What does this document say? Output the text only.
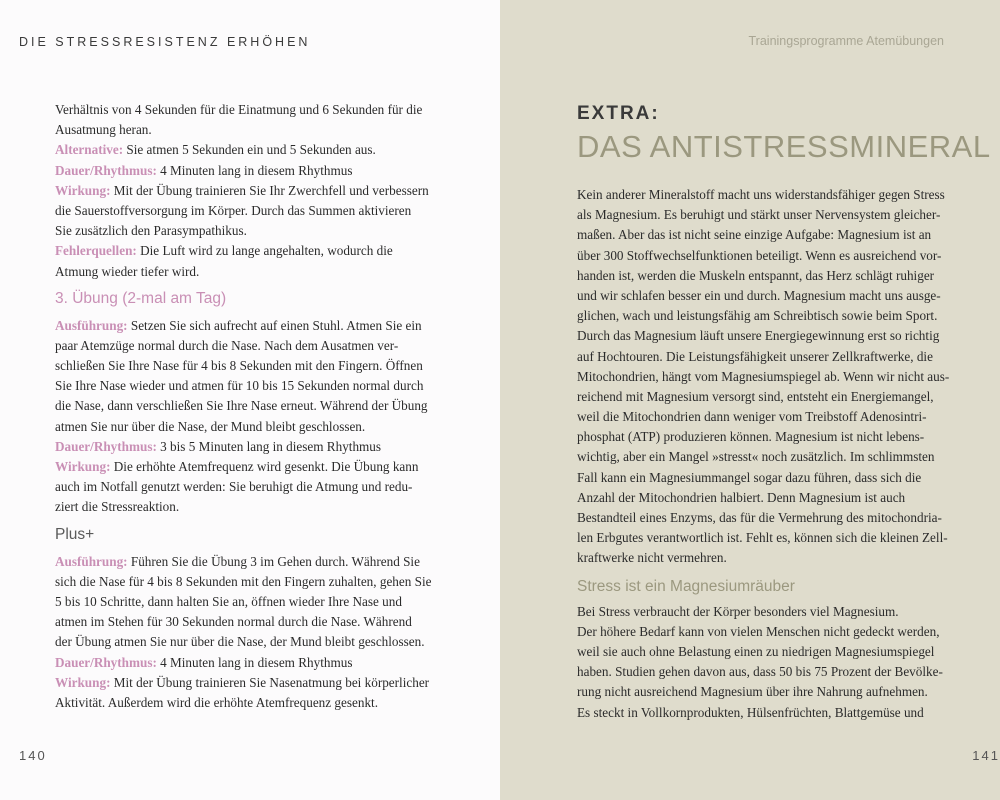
DIE STRESSRESISTENZ ERHÖHEN
Verhältnis von 4 Sekunden für die Einatmung und 6 Sekunden für die
Ausatmung heran.
Alternative: Sie atmen 5 Sekunden ein und 5 Sekunden aus.
Dauer/Rhythmus: 4 Minuten lang in diesem Rhythmus
Wirkung: Mit der Übung trainieren Sie Ihr Zwerchfell und verbessern
die Sauerstoffversorgung im Körper. Durch das Summen aktivieren
Sie zusätzlich den Parasympathikus.
Fehlerquellen: Die Luft wird zu lange angehalten, wodurch die
Atmung wieder tiefer wird.
3. Übung (2-mal am Tag)
Ausführung: Setzen Sie sich aufrecht auf einen Stuhl. Atmen Sie ein
paar Atemzüge normal durch die Nase. Nach dem Ausatmen ver-
schließen Sie Ihre Nase für 4 bis 8 Sekunden mit den Fingern. Öffnen
Sie Ihre Nase wieder und atmen für 10 bis 15 Sekunden normal durch
die Nase, dann verschließen Sie Ihre Nase erneut. Während der Übung
atmen Sie nur über die Nase, der Mund bleibt geschlossen.
Dauer/Rhythmus: 3 bis 5 Minuten lang in diesem Rhythmus
Wirkung: Die erhöhte Atemfrequenz wird gesenkt. Die Übung kann
auch im Notfall genutzt werden: Sie beruhigt die Atmung und redu-
ziert die Stressreaktion.
Plus+
Ausführung: Führen Sie die Übung 3 im Gehen durch. Während Sie
sich die Nase für 4 bis 8 Sekunden mit den Fingern zuhalten, gehen Sie
5 bis 10 Schritte, dann halten Sie an, öffnen wieder Ihre Nase und
atmen im Stehen für 30 Sekunden normal durch die Nase. Während
der Übung atmen Sie nur über die Nase, der Mund bleibt geschlossen.
Dauer/Rhythmus: 4 Minuten lang in diesem Rhythmus
Wirkung: Mit der Übung trainieren Sie Nasenatmung bei körperlicher
Aktivität. Außerdem wird die erhöhte Atemfrequenz gesenkt.
140
Trainingsprogramme Atemübungen
EXTRA:
DAS ANTISTRESSMINERAL
Kein anderer Mineralstoff macht uns widerstandsfähiger gegen Stress
als Magnesium. Es beruhigt und stärkt unser Nervensystem gleicher-
maßen. Aber das ist nicht seine einzige Aufgabe: Magnesium ist an
über 300 Stoffwechselfunktionen beteiligt. Wenn es ausreichend vor-
handen ist, werden die Muskeln entspannt, das Herz schlägt ruhiger
und wir schlafen besser ein und durch. Magnesium macht uns ausge-
glichen, wach und leistungsfähig am Schreibtisch sowie beim Sport.
Durch das Magnesium läuft unsere Energiegewinnung erst so richtig
auf Hochtouren. Die Leistungsfähigkeit unserer Zellkraftwerke, die
Mitochondrien, hängt vom Magnesiumspiegel ab. Wenn wir nicht aus-
reichend mit Magnesium versorgt sind, entsteht ein Energiemangel,
weil die Mitochondrien dann weniger vom Treibstoff Adenosintri-
phosphat (ATP) produzieren können. Magnesium ist nicht lebens-
wichtig, aber ein Mangel »stresst« noch zusätzlich. Im schlimmsten
Fall kann ein Magnesiummangel sogar dazu führen, dass sich die
Anzahl der Mitochondrien halbiert. Denn Magnesium ist auch
Bestandteil eines Enzyms, das für die Vermehrung des mitochondria-
len Erbgutes verantwortlich ist. Fehlt es, können sich die kleinen Zell-
kraftwerke nicht vermehren.
Stress ist ein Magnesiumräuber
Bei Stress verbraucht der Körper besonders viel Magnesium.
Der höhere Bedarf kann von vielen Menschen nicht gedeckt werden,
weil sie auch ohne Belastung einen zu niedrigen Magnesiumspiegel
haben. Studien gehen davon aus, dass 50 bis 75 Prozent der Bevölke-
rung nicht ausreichend Magnesium über ihre Nahrung aufnehmen.
Es steckt in Vollkornprodukten, Hülsenfrüchten, Blattgemüse und
141
